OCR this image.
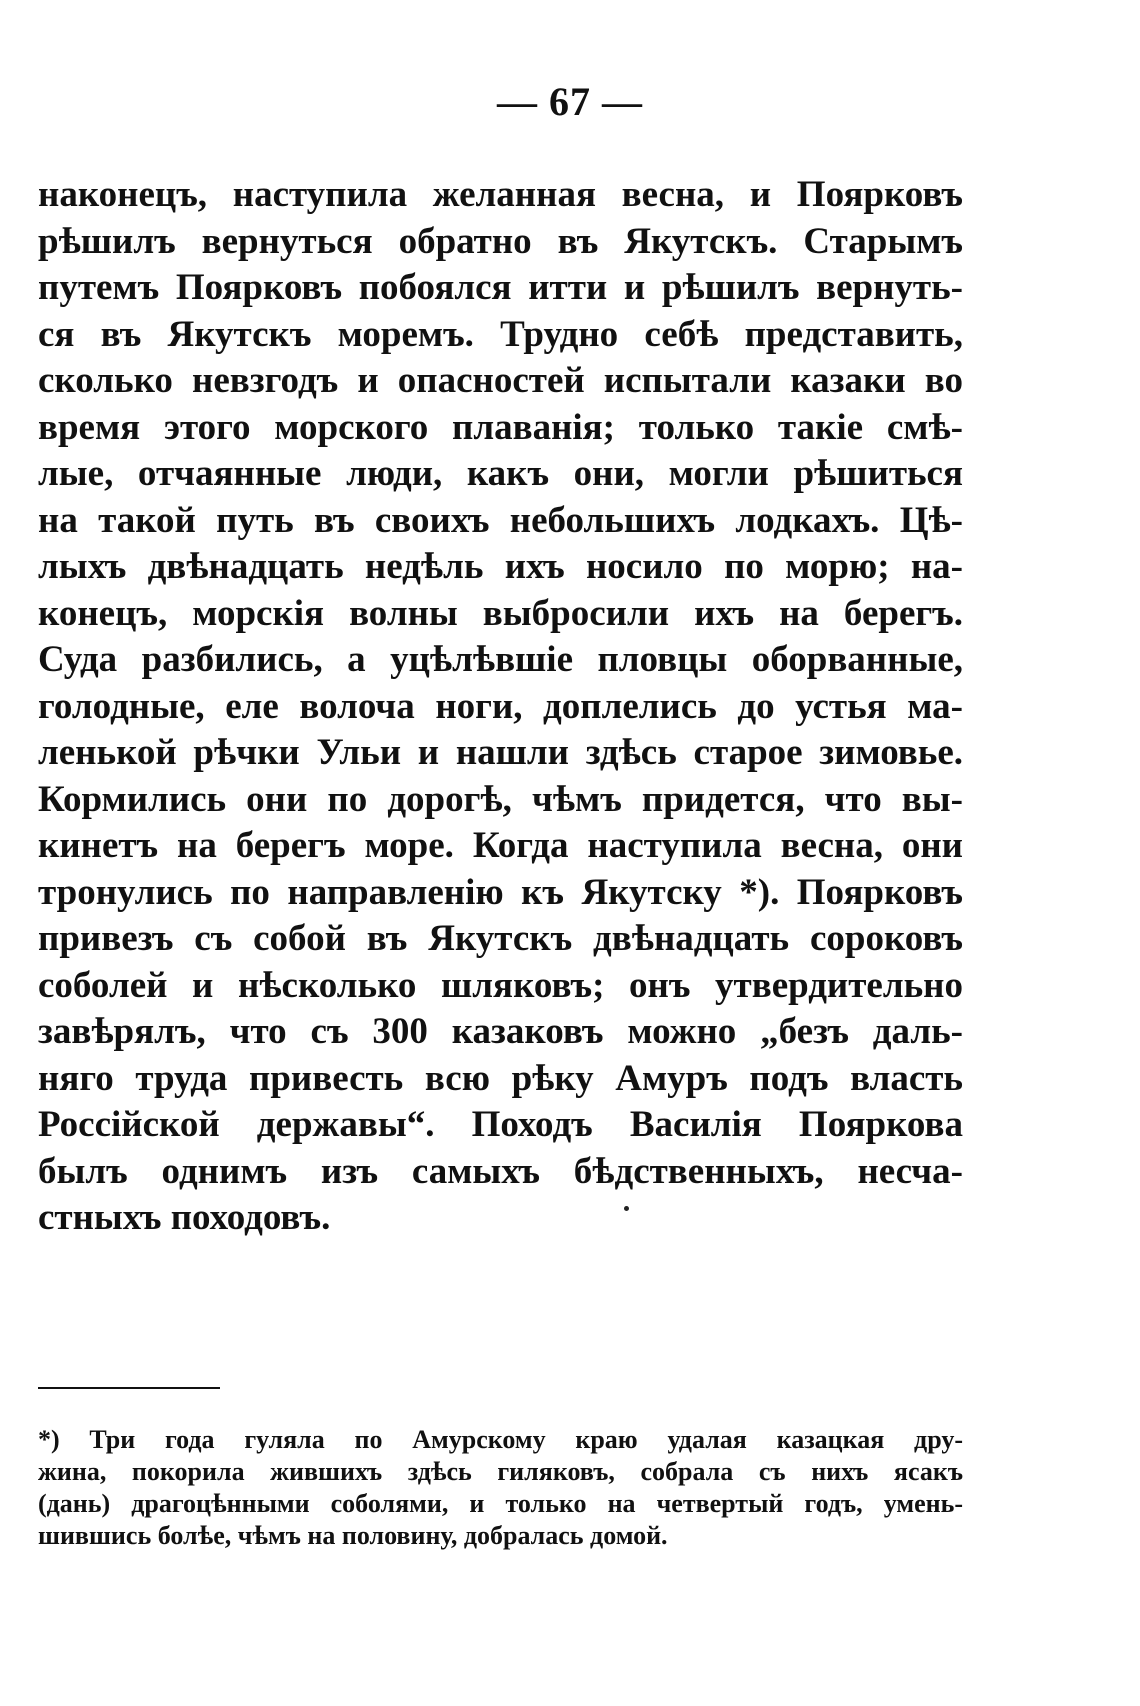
— 67 —
наконецъ, наступила желанная весна, и Поярковъ
рѣшилъ вернуться обратно въ Якутскъ. Старымъ
путемъ Поярковъ побоялся итти и рѣшилъ вернуть-
ся въ Якутскъ моремъ. Трудно себѣ представить,
сколько невзгодъ и опасностей испытали казаки во
время этого морского плаванія; только такіе смѣ-
лые, отчаянные люди, какъ они, могли рѣшиться
на такой путь въ своихъ небольшихъ лодкахъ. Цѣ-
лыхъ двѣнадцать недѣль ихъ носило по морю; на-
конецъ, морскія волны выбросили ихъ на берегъ.
Суда разбились, а уцѣлѣвшіе пловцы оборванные,
голодные, еле волоча ноги, доплелись до устья ма-
ленькой рѣчки Ульи и нашли здѣсь старое зимовье.
Кормились они по дорогѣ, чѣмъ придется, что вы-
кинетъ на берегъ море. Когда наступила весна, они
тронулись по направленію къ Якутску *). Поярковъ
привезъ съ собой въ Якутскъ двѣнадцать сороковъ
соболей и нѣсколько шляковъ; онъ утвердительно
завѣрялъ, что съ 300 казаковъ можно „безъ даль-
няго труда привесть всю рѣку Амуръ подъ власть
Россійской державы“. Походъ Василія Пояркова
былъ однимъ изъ самыхъ бѣдственныхъ, несча-
стныхъ походовъ.
*) Три года гуляла по Амурскому краю удалая казацкая дру-
жина, покорила жившихъ здѣсь гиляковъ, собрала съ нихъ ясакъ
(дань) драгоцѣнными соболями, и только на четвертый годъ, умень-
шившись болѣе, чѣмъ на половину, добралась домой.
